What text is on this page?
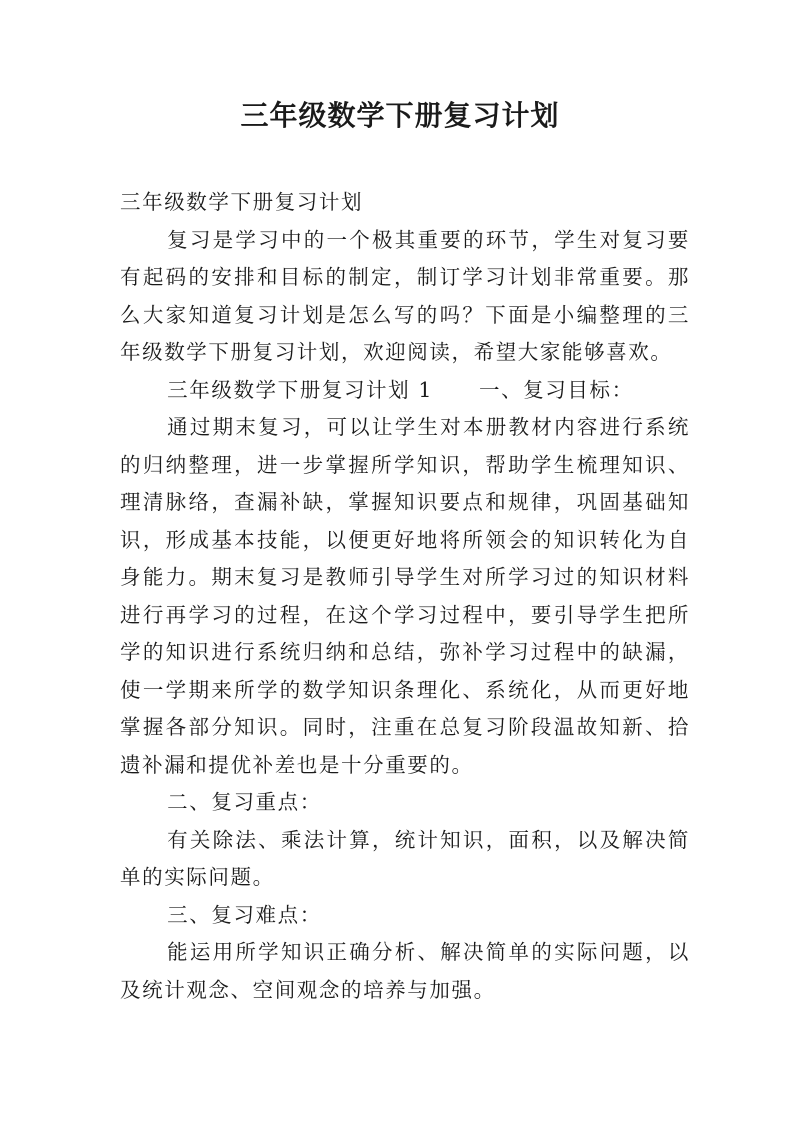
三年级数学下册复习计划

三年级数学下册复习计划

复习是学习中的一个极其重要的环节，学生对复习要有起码的安排和目标的制定，制订学习计划非常重要。那么大家知道复习计划是怎么写的吗？下面是小编整理的三年级数学下册复习计划，欢迎阅读，希望大家能够喜欢。

三年级数学下册复习计划 1 一、复习目标：

通过期末复习，可以让学生对本册教材内容进行系统的归纳整理，进一步掌握所学知识，帮助学生梳理知识、理清脉络，查漏补缺，掌握知识要点和规律，巩固基础知识，形成基本技能，以便更好地将所领会的知识转化为自身能力。期末复习是教师引导学生对所学习过的知识材料进行再学习的过程，在这个学习过程中，要引导学生把所学的知识进行系统归纳和总结，弥补学习过程中的缺漏，使一学期来所学的数学知识条理化、系统化，从而更好地掌握各部分知识。同时，注重在总复习阶段温故知新、拾遗补漏和提优补差也是十分重要的。

二、复习重点：

有关除法、乘法计算，统计知识，面积，以及解决简单的实际问题。

三、复习难点：

能运用所学知识正确分析、解决简单的实际问题，以及统计观念、空间观念的培养与加强。
